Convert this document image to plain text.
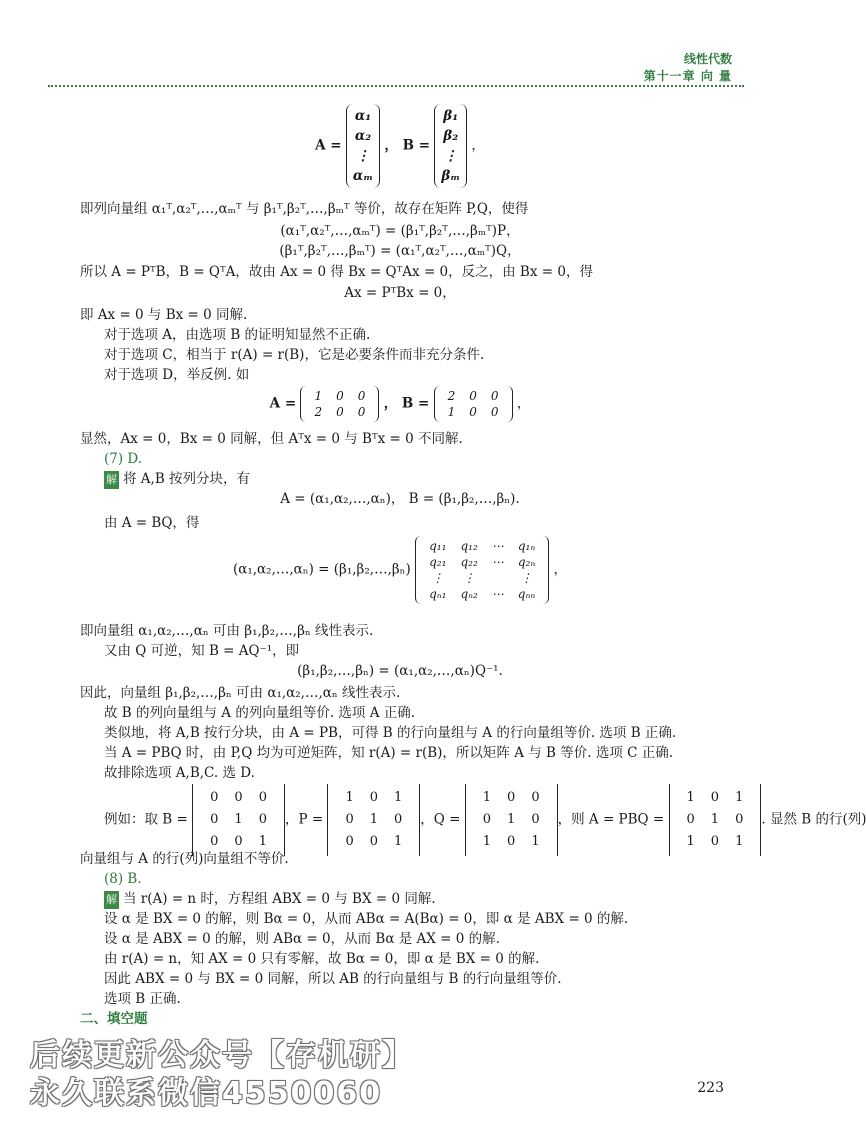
线性代数
第十一章 向 量
A =
α₁
α₂
⋮
αₘ
， B =
β₁
β₂
⋮
βₘ
，
即列向量组 α₁ᵀ,α₂ᵀ,…,αₘᵀ 与 β₁ᵀ,β₂ᵀ,…,βₘᵀ 等价，故存在矩阵 P,Q，使得
(α₁ᵀ,α₂ᵀ,…,αₘᵀ) = (β₁ᵀ,β₂ᵀ,…,βₘᵀ)P，
(β₁ᵀ,β₂ᵀ,…,βₘᵀ) = (α₁ᵀ,α₂ᵀ,…,αₘᵀ)Q，
所以 A = PᵀB，B = QᵀA，故由 Ax = 0 得 Bx = QᵀAx = 0，反之，由 Bx = 0，得
Ax = PᵀBx = 0，
即 Ax = 0 与 Bx = 0 同解.
对于选项 A，由选项 B 的证明知显然不正确.
对于选项 C，相当于 r(A) = r(B)，它是必要条件而非充分条件.
对于选项 D，举反例. 如
A = 1	0	0
2	0	0
， B = 2	0	0
1	0	0
，
显然，Ax = 0，Bx = 0 同解，但 Aᵀx = 0 与 Bᵀx = 0 不同解.
(7) D.
解 将 A,B 按列分块，有
A = (α₁,α₂,…,αₙ)， B = (β₁,β₂,…,βₙ).
由 A = BQ，得
(α₁,α₂,…,αₙ) = (β₁,β₂,…,βₙ)
q₁₁	q₁₂	⋯	q₁ₙ
q₂₁	q₂₂	⋯	q₂ₙ
⋮	⋮		⋮
qₙ₁	qₙ₂	⋯	qₙₙ
，
即向量组 α₁,α₂,…,αₙ 可由 β₁,β₂,…,βₙ 线性表示.
又由 Q 可逆，知 B = AQ⁻¹，即
(β₁,β₂,…,βₙ) = (α₁,α₂,…,αₙ)Q⁻¹.
因此，向量组 β₁,β₂,…,βₙ 可由 α₁,α₂,…,αₙ 线性表示.
故 B 的列向量组与 A 的列向量组等价. 选项 A 正确.
类似地，将 A,B 按行分块，由 A = PB，可得 B 的行向量组与 A 的行向量组等价. 选项 B 正确.
当 A = PBQ 时，由 P,Q 均为可逆矩阵，知 r(A) = r(B)，所以矩阵 A 与 B 等价. 选项 C 正确.
故排除选项 A,B,C. 选 D.
例如：取 B =
0	0	0
0	1	0
0	0	1
，P =
1	0	1
0	1	0
0	0	1
，Q =
1	0	0
0	1	0
1	0	1
，则 A = PBQ =
1	0	1
0	1	0
1	0	1
. 显然 B 的行(列)
向量组与 A 的行(列)向量组不等价.
(8) B.
解 当 r(A) = n 时，方程组 ABX = 0 与 BX = 0 同解.
设 α 是 BX = 0 的解，则 Bα = 0，从而 ABα = A(Bα) = 0，即 α 是 ABX = 0 的解.
设 α 是 ABX = 0 的解，则 ABα = 0，从而 Bα 是 AX = 0 的解.
由 r(A) = n，知 AX = 0 只有零解，故 Bα = 0，即 α 是 BX = 0 的解.
因此 ABX = 0 与 BX = 0 同解，所以 AB 的行向量组与 B 的行向量组等价.
选项 B 正确.
二、填空题
后续更新公众号【存机研】
永久联系微信4550060	223
